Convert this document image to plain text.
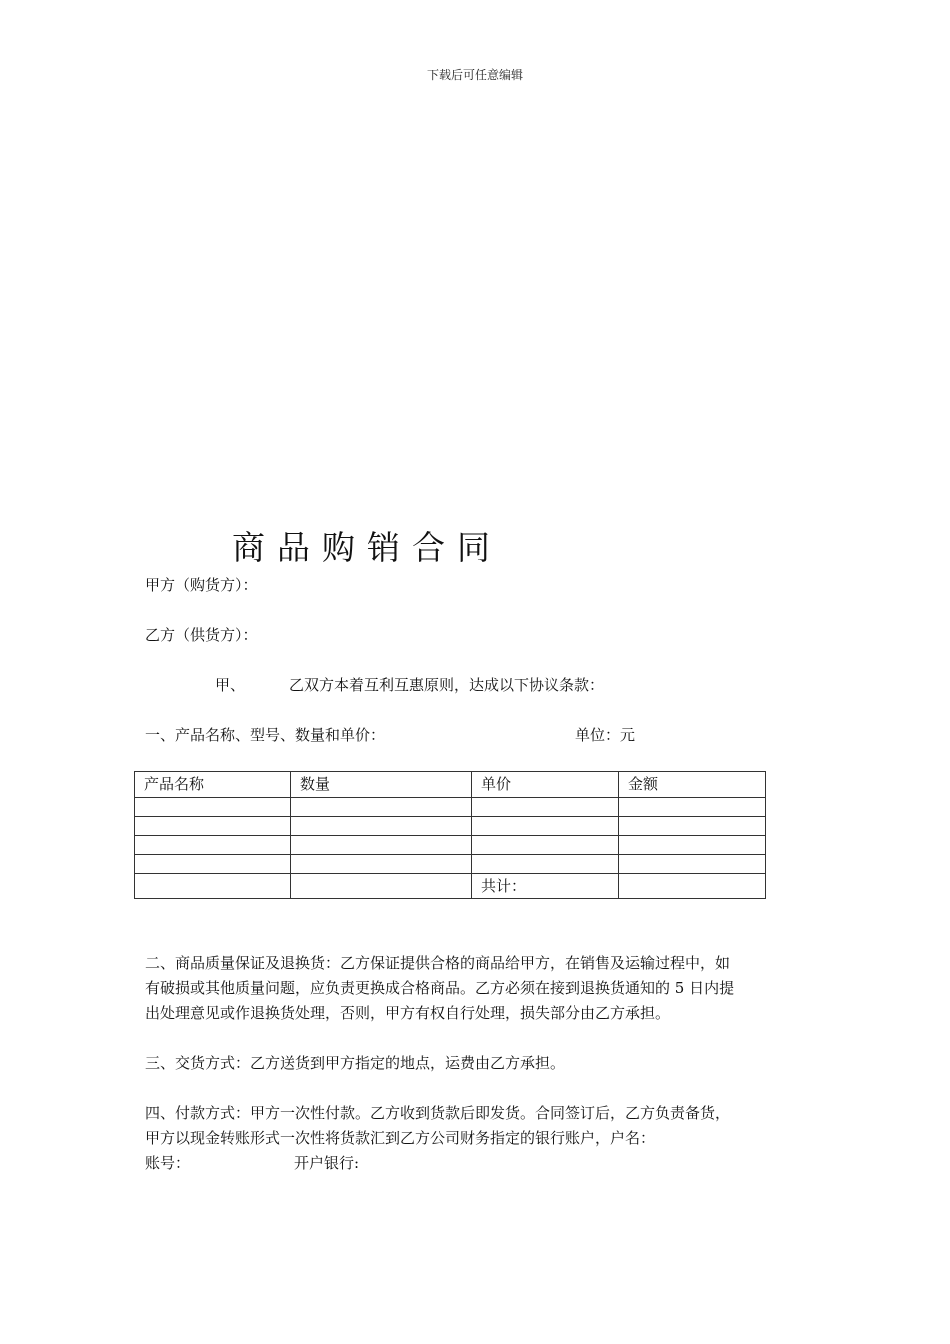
下载后可任意编辑
商品购销合同
甲方（购货方）：
乙方（供货方）：
甲、	乙双方本着互利互惠原则，达成以下协议条款：
一、产品名称、型号、数量和单价：	单位：元
产品名称	数量	单价	金额

		共计：	
二、商品质量保证及退换货：乙方保证提供合格的商品给甲方，在销售及运输过程中，如
有破损或其他质量问题，应负责更换成合格商品。乙方必须在接到退换货通知的 5 日内提
出处理意见或作退换货处理，否则，甲方有权自行处理，损失部分由乙方承担。
三、交货方式：乙方送货到甲方指定的地点，运费由乙方承担。
四、付款方式：甲方一次性付款。乙方收到货款后即发货。合同签订后，乙方负责备货，
甲方以现金转账形式一次性将货款汇到乙方公司财务指定的银行账户，户名：
账号：	开户银行:
